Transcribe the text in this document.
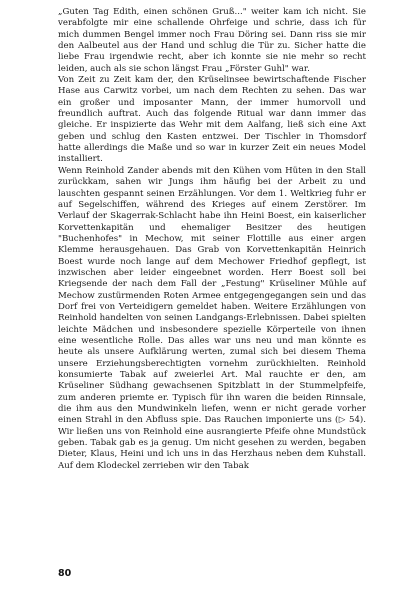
„Guten Tag Edith, einen schönen Gruß..." weiter kam ich nicht. Sie verabfolgte mir eine schallende Ohrfeige und schrie, dass ich für mich dummen Bengel immer noch Frau Döring sei. Dann riss sie mir den Aalbeutel aus der Hand und schlug die Tür zu. Sicher hatte die liebe Frau irgendwie recht, aber ich konnte sie nie mehr so recht leiden, auch als sie schon längst Frau „Förster Guhl" war.

Von Zeit zu Zeit kam der, den Krüselinsee bewirtschaftende Fischer Hase aus Carwitz vorbei, um nach dem Rechten zu sehen. Das war ein großer und imposanter Mann, der immer humorvoll und freundlich auftrat. Auch das folgende Ritual war dann immer das gleiche. Er inspizierte das Wehr mit dem Aalfang, ließ sich eine Axt geben und schlug den Kasten entzwei. Der Tischler in Thomsdorf hatte allerdings die Maße und so war in kurzer Zeit ein neues Model installiert.

Wenn Reinhold Zander abends mit den Kühen vom Hüten in den Stall zurückkam, sahen wir Jungs ihm häufig bei der Arbeit zu und lauschten gespannt seinen Erzählungen. Vor dem 1. Weltkrieg fuhr er auf Segelschiffen, während des Krieges auf einem Zerstörer. Im Verlauf der Skagerrak-Schlacht habe ihn Heini Boest, ein kaiserlicher Korvettenkapitän und ehemaliger Besitzer des heutigen "Buchenhofes" in Mechow, mit seiner Flottille aus einer argen Klemme herausgehauen. Das Grab von Korvettenkapitän Heinrich Boest wurde noch lange auf dem Mechower Friedhof gepflegt, ist inzwischen aber leider eingeebnet worden. Herr Boest soll bei Kriegsende der nach dem Fall der „Festung" Krüseliner Mühle auf Mechow zustürmenden Roten Armee entgegengegangen sein und das Dorf frei von Verteidigern gemeldet haben. Weitere Erzählungen von Reinhold handelten von seinen Landgangs-Erlebnissen. Dabei spielten leichte Mädchen und insbesondere spezielle Körperteile von ihnen eine wesentliche Rolle. Das alles war uns neu und man könnte es heute als unsere Aufklärung werten, zumal sich bei diesem Thema unsere Erziehungsberechtigten vornehm zurückhielten. Reinhold konsumierte Tabak auf zweierlei Art. Mal rauchte er den, am Krüseliner Südhang gewachsenen Spitzblatt in der Stummelpfeife, zum anderen priemte er. Typisch für ihn waren die beiden Rinnsale, die ihm aus den Mundwinkeln liefen, wenn er nicht gerade vorher einen Strahl in den Abfluss spie. Das Rauchen imponierte uns (▷ 54). Wir ließen uns von Reinhold eine ausrangierte Pfeife ohne Mundstück geben. Tabak gab es ja genug. Um nicht gesehen zu werden, begaben Dieter, Klaus, Heini und ich uns in das Herzhaus neben dem Kuhstall. Auf dem Klodeckel zerrieben wir den Tabak

80
